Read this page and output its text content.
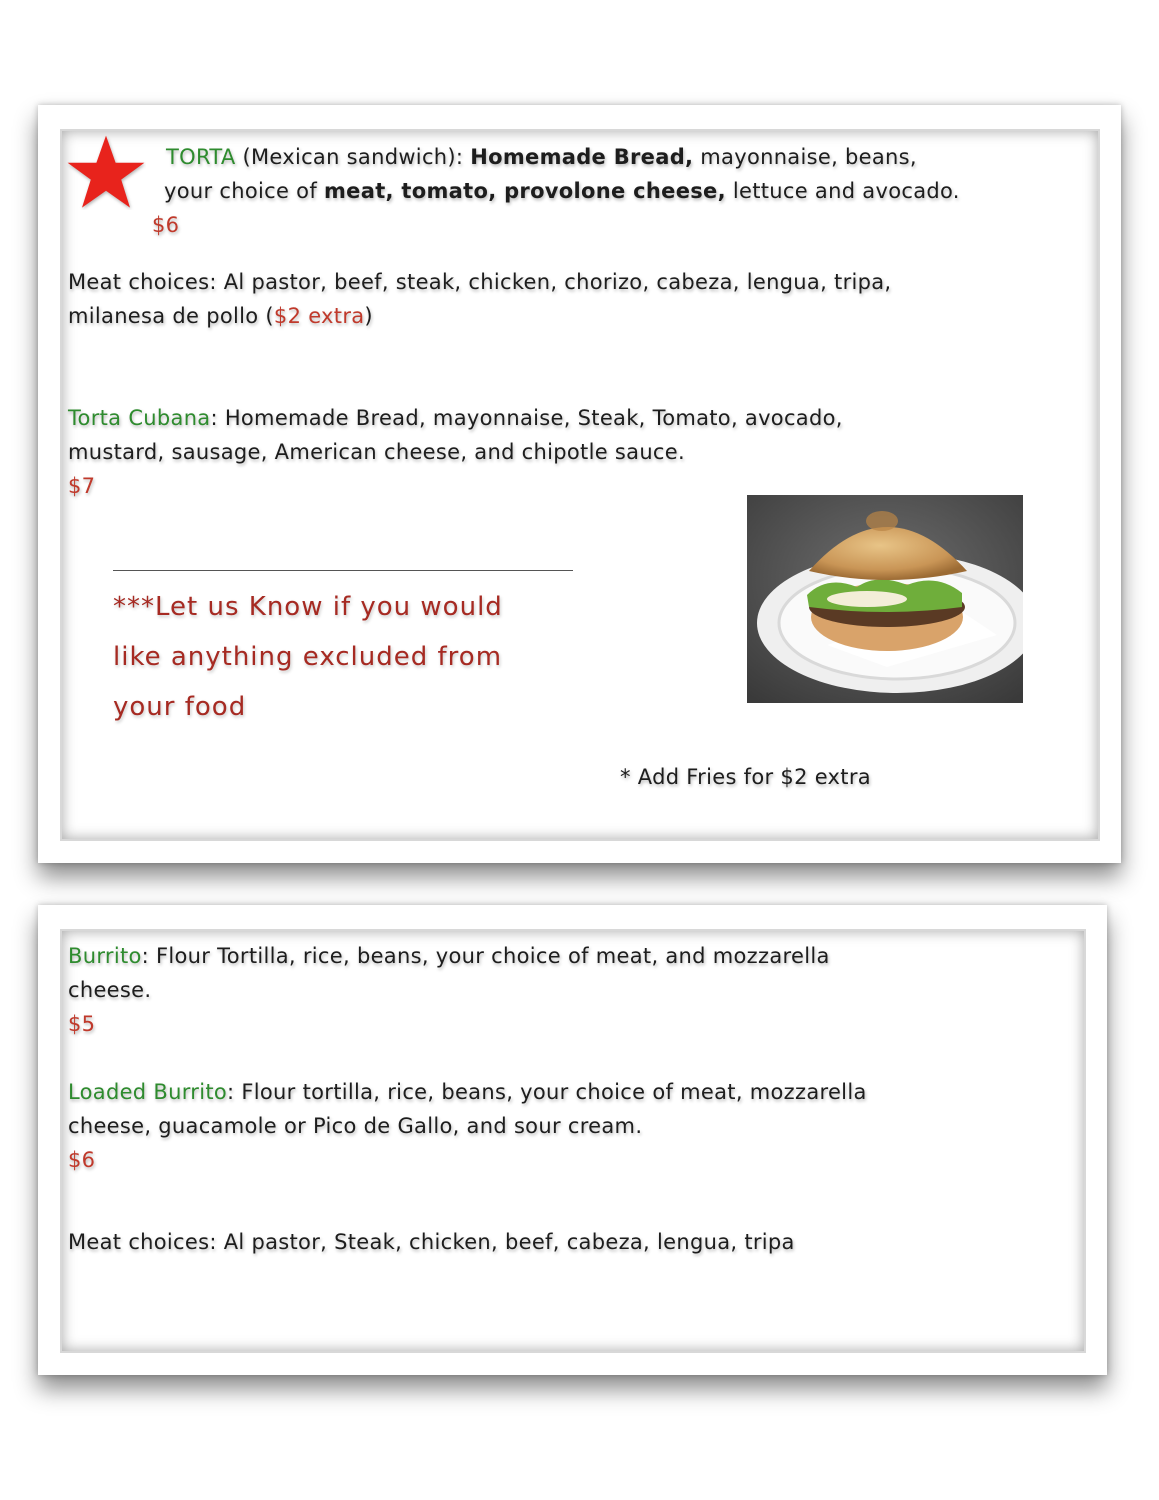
TORTA (Mexican sandwich): Homemade Bread, mayonnaise, beans,
your choice of meat, tomato, provolone cheese, lettuce and avocado.
$6
Meat choices: Al pastor, beef, steak, chicken, chorizo, cabeza, lengua, tripa,
milanesa de pollo ($2 extra)
Torta Cubana: Homemade Bread, mayonnaise, Steak, Tomato, avocado,
mustard, sausage, American cheese, and chipotle sauce.
$7
***Let us Know if you would
like anything excluded from
your food
* Add Fries for $2 extra
Burrito: Flour Tortilla, rice, beans, your choice of meat, and mozzarella
cheese.
$5
Loaded Burrito: Flour tortilla, rice, beans, your choice of meat, mozzarella
cheese, guacamole or Pico de Gallo, and sour cream.
$6
Meat choices: Al pastor, Steak, chicken, beef, cabeza, lengua, tripa
